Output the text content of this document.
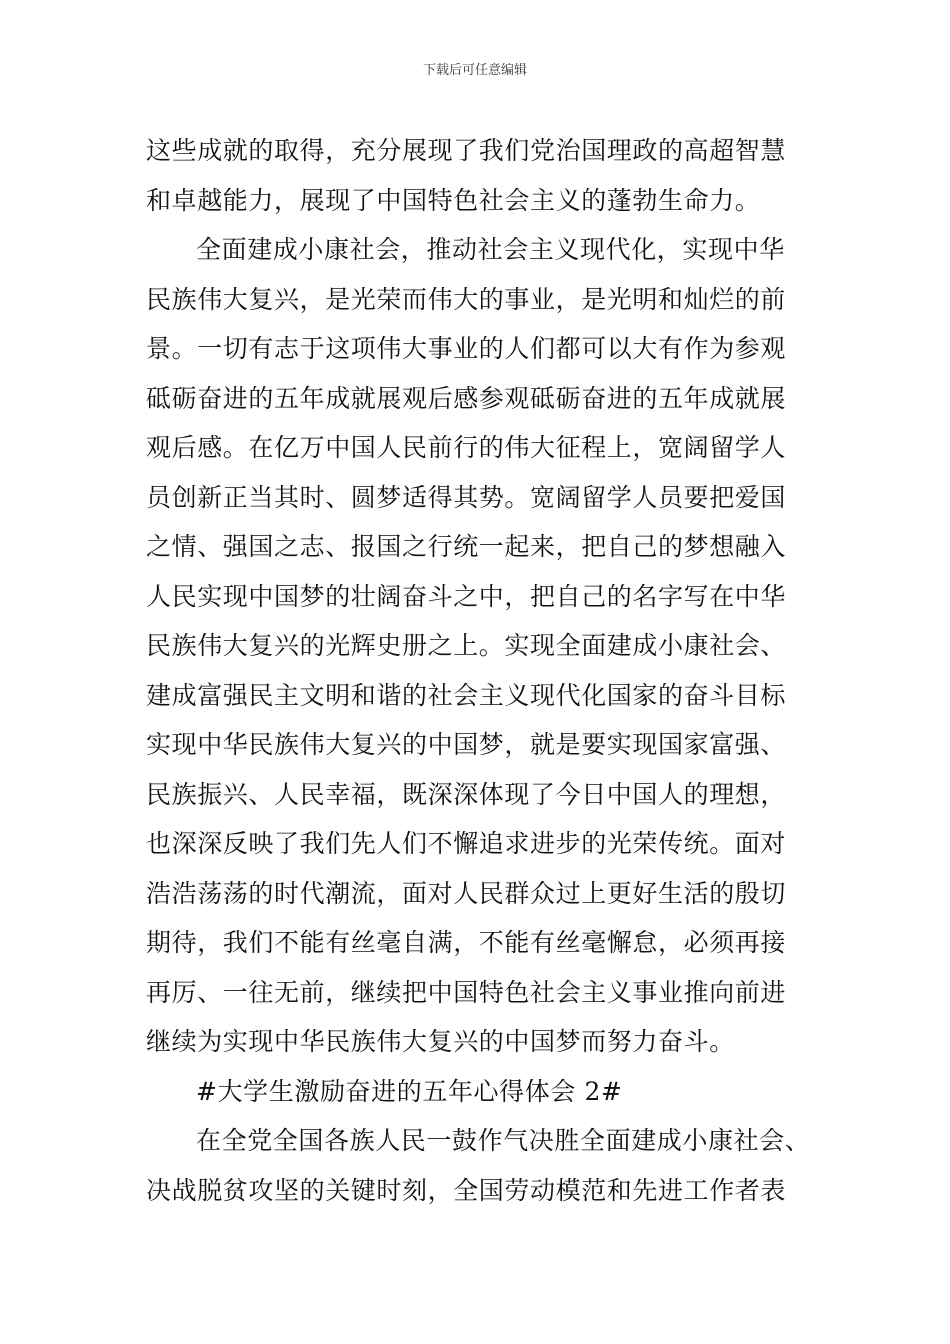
下载后可任意编辑
这些成就的取得，充分展现了我们党治国理政的高超智慧
和卓越能力，展现了中国特色社会主义的蓬勃生命力。
全面建成小康社会，推动社会主义现代化，实现中华
民族伟大复兴，是光荣而伟大的事业，是光明和灿烂的前
景。一切有志于这项伟大事业的人们都可以大有作为参观
砥砺奋进的五年成就展观后感参观砥砺奋进的五年成就展
观后感。在亿万中国人民前行的伟大征程上，宽阔留学人
员创新正当其时、圆梦适得其势。宽阔留学人员要把爱国
之情、强国之志、报国之行统一起来，把自己的梦想融入
人民实现中国梦的壮阔奋斗之中，把自己的名字写在中华
民族伟大复兴的光辉史册之上。实现全面建成小康社会、
建成富强民主文明和谐的社会主义现代化国家的奋斗目标
实现中华民族伟大复兴的中国梦，就是要实现国家富强、
民族振兴、人民幸福，既深深体现了今日中国人的理想，
也深深反映了我们先人们不懈追求进步的光荣传统。面对
浩浩荡荡的时代潮流，面对人民群众过上更好生活的殷切
期待，我们不能有丝毫自满，不能有丝毫懈怠，必须再接
再厉、一往无前，继续把中国特色社会主义事业推向前进
继续为实现中华民族伟大复兴的中国梦而努力奋斗。
#大学生激励奋进的五年心得体会 2#
在全党全国各族人民一鼓作气决胜全面建成小康社会、
决战脱贫攻坚的关键时刻，全国劳动模范和先进工作者表
